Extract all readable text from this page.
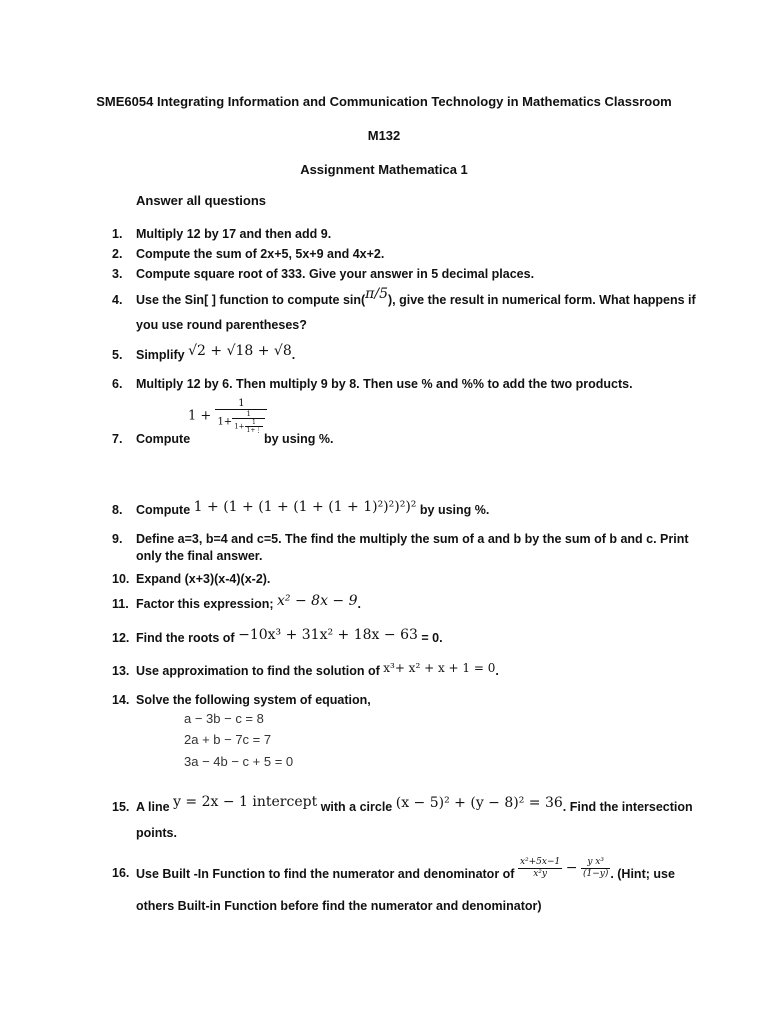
SME6054 Integrating Information and Communication Technology in Mathematics Classroom
M132
Assignment Mathematica 1
Answer all questions
1. Multiply 12 by 17 and then add 9.
2. Compute the sum of 2x+5, 5x+9 and 4x+2.
3. Compute square root of 333. Give your answer in 5 decimal places.
4. Use the Sin[ ] function to compute sin(π/5), give the result in numerical form. What happens if
you use round parentheses?
5. Simplify √2 + √18 + √8.
6. Multiply 12 by 6. Then multiply 9 by 8. Then use % and %% to add the two products.
$1 + \frac{1}{1+ \frac{1}{1+ \frac{1}{1+⋮}}}$
7. Compute	by using %.
8. Compute 1 + (1 + (1 + (1 + (1 + 1)²)²)²)² by using %.
9. Define a=3, b=4 and c=5. The find the multiply the sum of a and b by the sum of b and c. Print
only the final answer.
10. Expand (x+3)(x-4)(x-2).
11. Factor this expression; x² − 8x − 9.
12. Find the roots of −10x³ + 31x² + 18x − 63 = 0.
13. Use approximation to find the solution of x³+ x² + x + 1 = 0.
14. Solve the following system of equation,
a − 3b − c = 8
2a + b − 7c = 7
3a − 4b − c + 5 = 0
15. A line y = 2x − 1 intercept with a circle (x − 5)² + (y − 8)² = 36. Find the intersection
points.
16. Use Built -In Function to find the numerator and denominator of $\frac{\text{x²+5x−1}}{\text{x²y}} - \frac{\text{y x³}}{(1-y)}$ . (Hint; use
others Built-in Function before find the numerator and denominator)
